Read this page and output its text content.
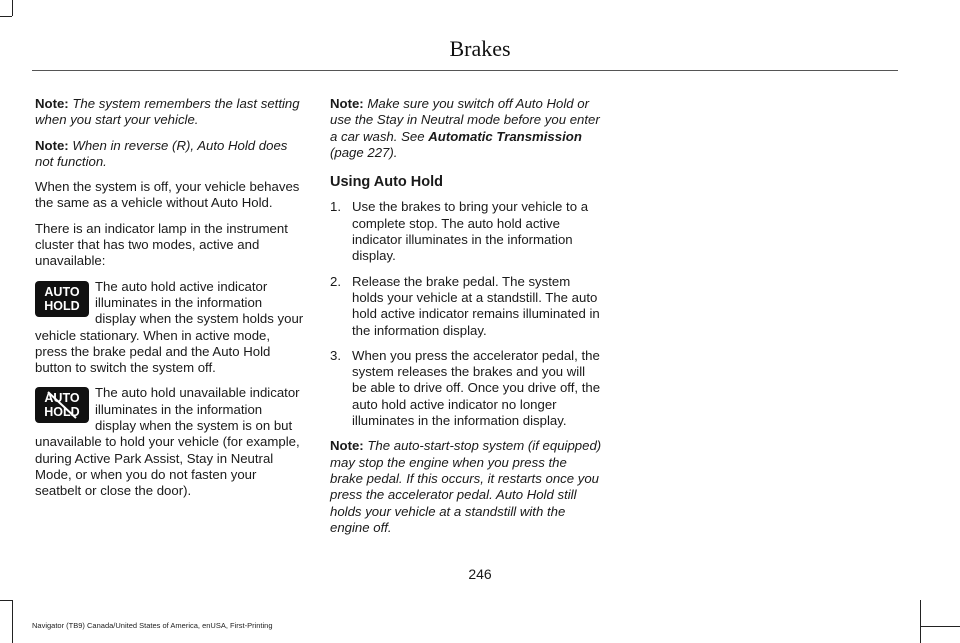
Brakes

Note: The system remembers the last setting when you start your vehicle.

Note: When in reverse (R), Auto Hold does not function.

When the system is off, your vehicle behaves the same as a vehicle without Auto Hold.

There is an indicator lamp in the instrument cluster that has two modes, active and unavailable:

AUTO
HOLD
The auto hold active indicator illuminates in the information display when the system holds your vehicle stationary. When in active mode, press the brake pedal and the Auto Hold button to switch the system off.

AUTO
HOLD
The auto hold unavailable indicator illuminates in the information display when the system is on but unavailable to hold your vehicle (for example, during Active Park Assist, Stay in Neutral Mode, or when you do not fasten your seatbelt or close the door).

Note: Make sure you switch off Auto Hold or use the Stay in Neutral mode before you enter a car wash. See Automatic Transmission (page 227).

Using Auto Hold
1. Use the brakes to bring your vehicle to a complete stop. The auto hold active indicator illuminates in the information display.
2. Release the brake pedal. The system holds your vehicle at a standstill. The auto hold active indicator remains illuminated in the information display.
3. When you press the accelerator pedal, the system releases the brakes and you will be able to drive off. Once you drive off, the auto hold active indicator no longer illuminates in the information display.

Note: The auto-start-stop system (if equipped) may stop the engine when you press the brake pedal. If this occurs, it restarts once you press the accelerator pedal. Auto Hold still holds your vehicle at a standstill with the engine off.

246
Navigator (TB9) Canada/United States of America, enUSA, First-Printing
